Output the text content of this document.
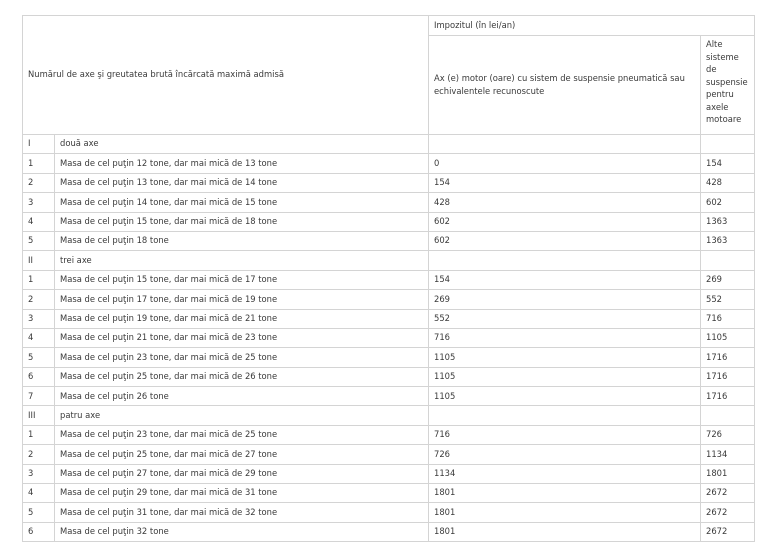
Numărul de axe şi greutatea brută încărcată maximă admisă		Impozitul (în lei/an)	
		Ax (e) motor (oare) cu sistem de suspensie pneumatică sau echivalentele recunoscute	Alte sisteme de suspensie pentru axele motoare
I	două axe		
1	Masa de cel puţin 12 tone, dar mai mică de 13 tone	0	154
2	Masa de cel puţin 13 tone, dar mai mică de 14 tone	154	428
3	Masa de cel puţin 14 tone, dar mai mică de 15 tone	428	602
4	Masa de cel puţin 15 tone, dar mai mică de 18 tone	602	1363
5	Masa de cel puţin 18 tone	602	1363
II	trei axe		
1	Masa de cel puţin 15 tone, dar mai mică de 17 tone	154	269
2	Masa de cel puţin 17 tone, dar mai mică de 19 tone	269	552
3	Masa de cel puţin 19 tone, dar mai mică de 21 tone	552	716
4	Masa de cel puţin 21 tone, dar mai mică de 23 tone	716	1105
5	Masa de cel puţin 23 tone, dar mai mică de 25 tone	1105	1716
6	Masa de cel puţin 25 tone, dar mai mică de 26 tone	1105	1716
7	Masa de cel puţin 26 tone	1105	1716
III	patru axe		
1	Masa de cel puţin 23 tone, dar mai mică de 25 tone	716	726
2	Masa de cel puţin 25 tone, dar mai mică de 27 tone	726	1134
3	Masa de cel puţin 27 tone, dar mai mică de 29 tone	1134	1801
4	Masa de cel puţin 29 tone, dar mai mică de 31 tone	1801	2672
5	Masa de cel puţin 31 tone, dar mai mică de 32 tone	1801	2672
6	Masa de cel puţin 32 tone	1801	2672
